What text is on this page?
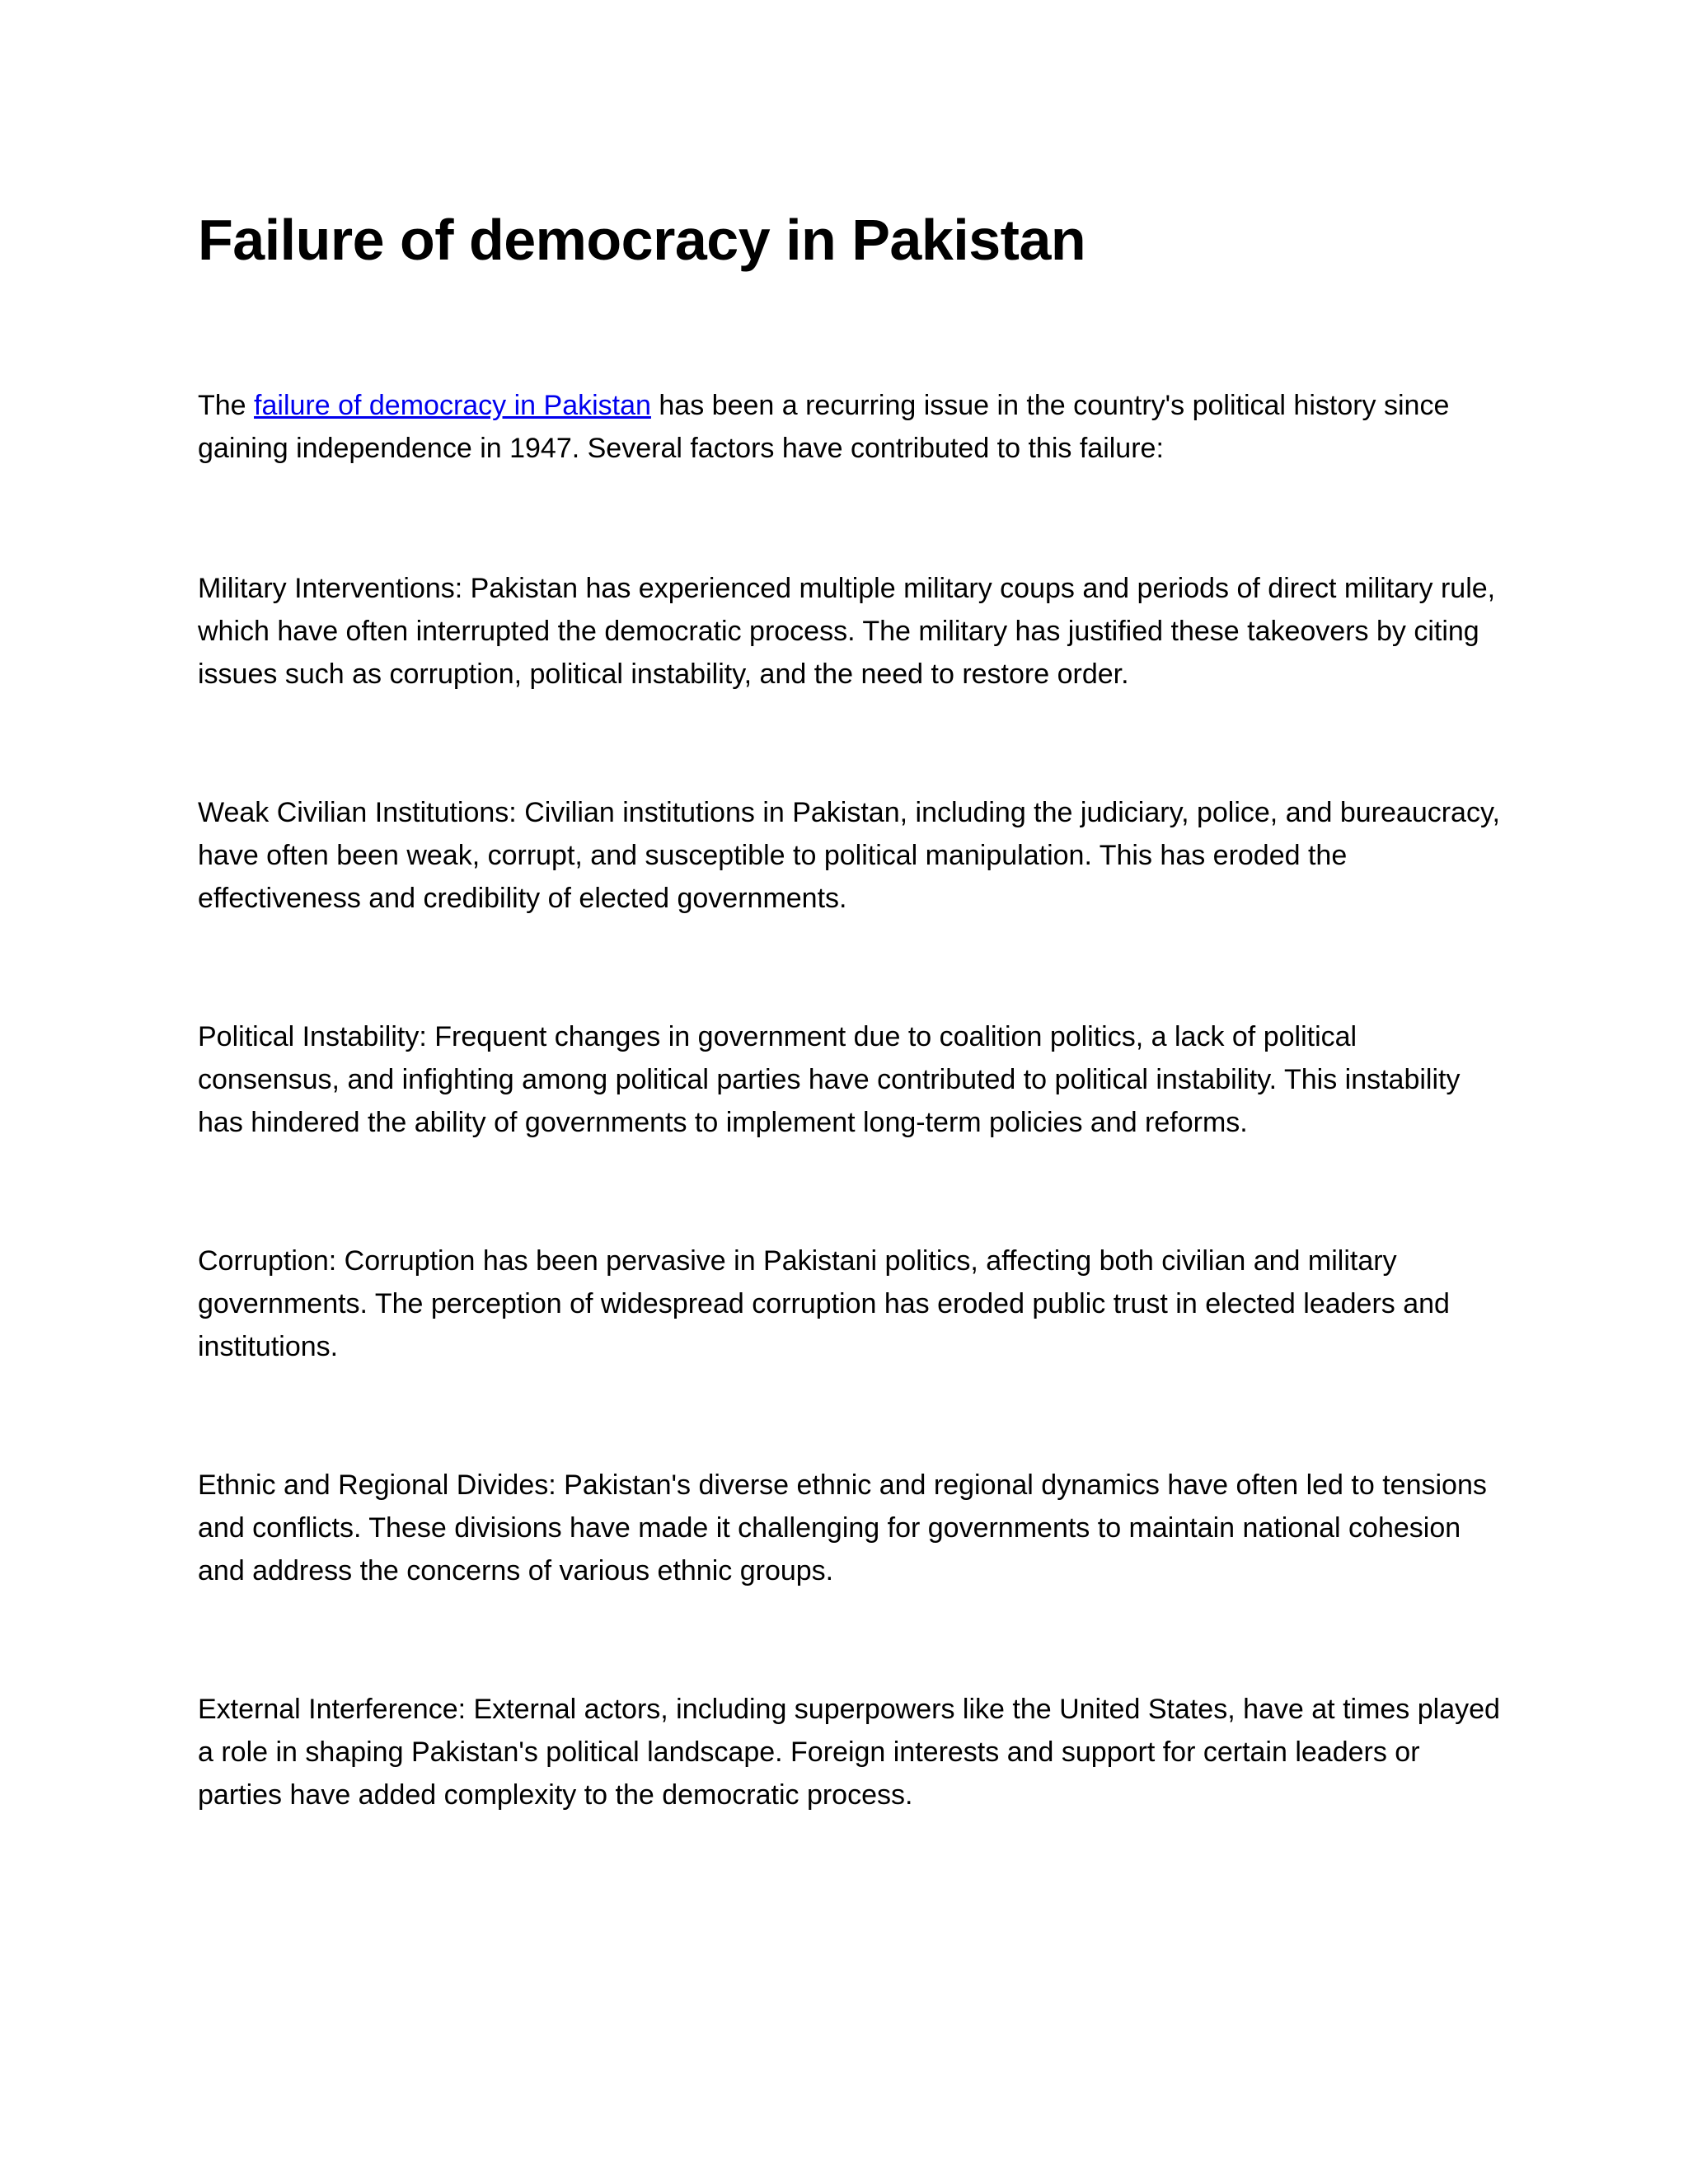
Failure of democracy in Pakistan

The failure of democracy in Pakistan has been a recurring issue in the country's political history since gaining independence in 1947. Several factors have contributed to this failure:

Military Interventions: Pakistan has experienced multiple military coups and periods of direct military rule, which have often interrupted the democratic process. The military has justified these takeovers by citing issues such as corruption, political instability, and the need to restore order.

Weak Civilian Institutions: Civilian institutions in Pakistan, including the judiciary, police, and bureaucracy, have often been weak, corrupt, and susceptible to political manipulation. This has eroded the effectiveness and credibility of elected governments.

Political Instability: Frequent changes in government due to coalition politics, a lack of political consensus, and infighting among political parties have contributed to political instability. This instability has hindered the ability of governments to implement long-term policies and reforms.

Corruption: Corruption has been pervasive in Pakistani politics, affecting both civilian and military governments. The perception of widespread corruption has eroded public trust in elected leaders and institutions.

Ethnic and Regional Divides: Pakistan's diverse ethnic and regional dynamics have often led to tensions and conflicts. These divisions have made it challenging for governments to maintain national cohesion and address the concerns of various ethnic groups.

External Interference: External actors, including superpowers like the United States, have at times played a role in shaping Pakistan's political landscape. Foreign interests and support for certain leaders or parties have added complexity to the democratic process.
